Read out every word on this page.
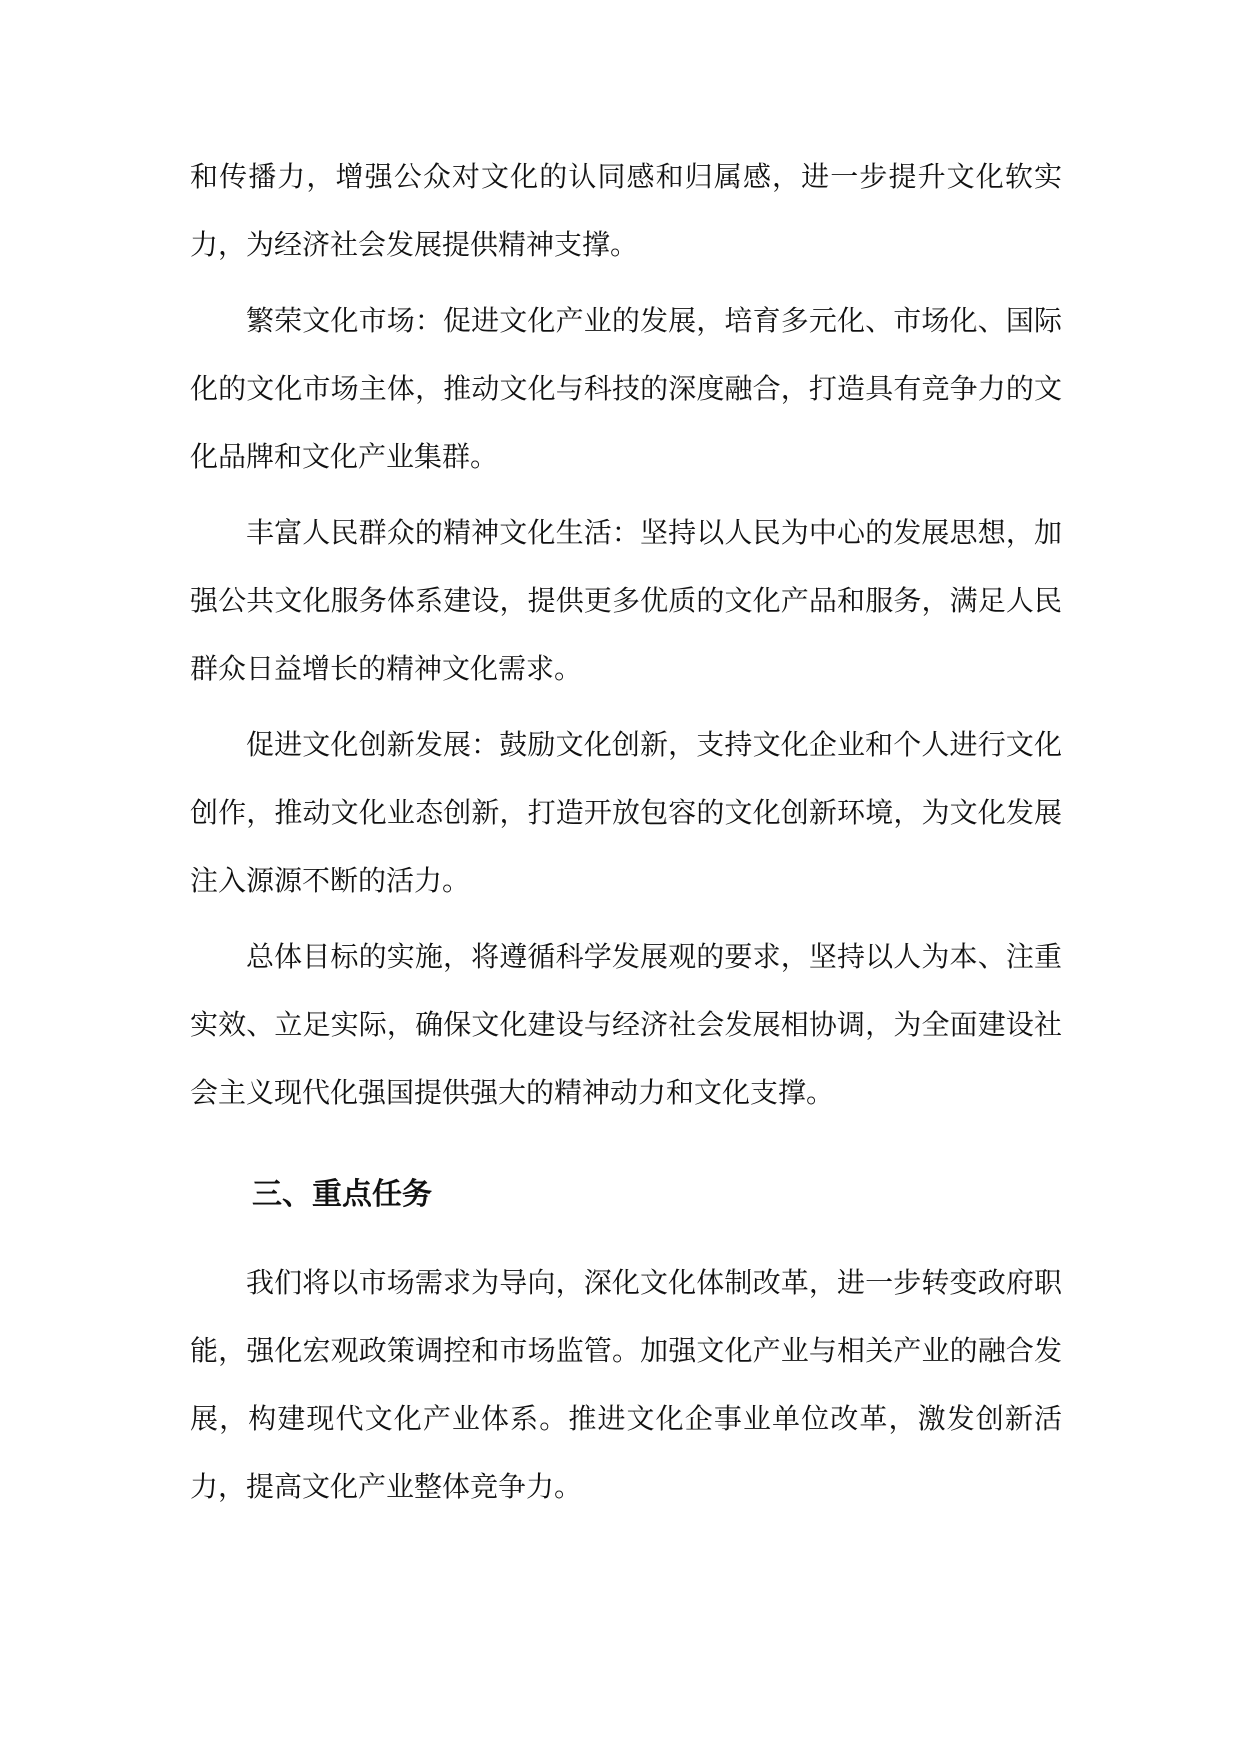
和传播力，增强公众对文化的认同感和归属感，进一步提升文化软实力，为经济社会发展提供精神支撑。

繁荣文化市场：促进文化产业的发展，培育多元化、市场化、国际化的文化市场主体，推动文化与科技的深度融合，打造具有竞争力的文化品牌和文化产业集群。

丰富人民群众的精神文化生活：坚持以人民为中心的发展思想，加强公共文化服务体系建设，提供更多优质的文化产品和服务，满足人民群众日益增长的精神文化需求。

促进文化创新发展：鼓励文化创新，支持文化企业和个人进行文化创作，推动文化业态创新，打造开放包容的文化创新环境，为文化发展注入源源不断的活力。

总体目标的实施，将遵循科学发展观的要求，坚持以人为本、注重实效、立足实际，确保文化建设与经济社会发展相协调，为全面建设社会主义现代化强国提供强大的精神动力和文化支撑。

三、重点任务

我们将以市场需求为导向，深化文化体制改革，进一步转变政府职能，强化宏观政策调控和市场监管。加强文化产业与相关产业的融合发展，构建现代文化产业体系。推进文化企事业单位改革，激发创新活力，提高文化产业整体竞争力。
